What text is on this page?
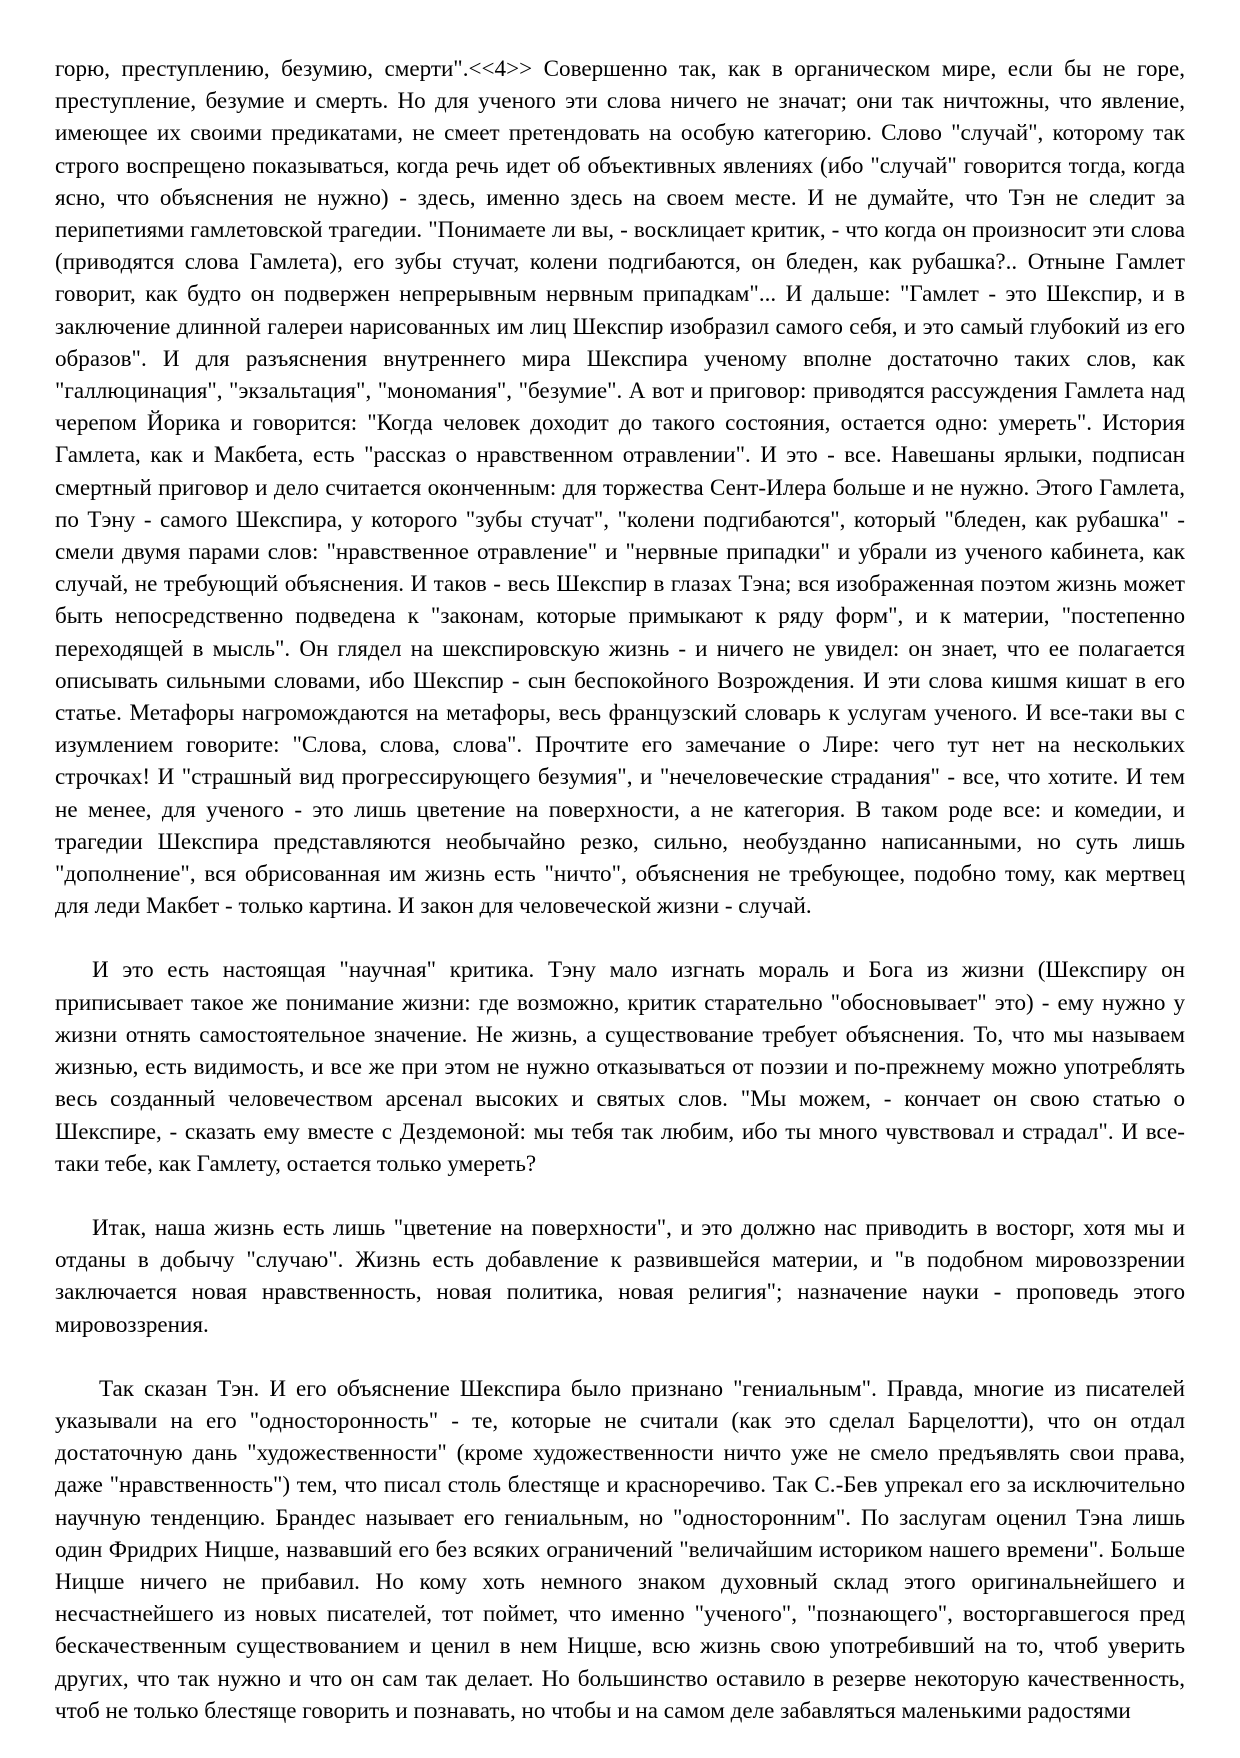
горю, преступлению, безумию, смерти".<<4>> Совершенно так, как в органическом мире, если бы не горе, преступление, безумие и смерть. Но для ученого эти слова ничего не значат; они так ничтожны, что явление, имеющее их своими предикатами, не смеет претендовать на особую категорию. Слово "случай", которому так строго воспрещено показываться, когда речь идет об объективных явлениях (ибо "случай" говорится тогда, когда ясно, что объяснения не нужно) - здесь, именно здесь на своем месте. И не думайте, что Тэн не следит за перипетиями гамлетовской трагедии. "Понимаете ли вы, - восклицает критик, - что когда он произносит эти слова (приводятся слова Гамлета), его зубы стучат, колени подгибаются, он бледен, как рубашка?.. Отныне Гамлет говорит, как будто он подвержен непрерывным нервным припадкам"... И дальше: "Гамлет - это Шекспир, и в заключение длинной галереи нарисованных им лиц Шекспир изобразил самого себя, и это самый глубокий из его образов". И для разъяснения внутреннего мира Шекспира ученому вполне достаточно таких слов, как "галлюцинация", "экзальтация", "мономания", "безумие". А вот и приговор: приводятся рассуждения Гамлета над черепом Йорика и говорится: "Когда человек доходит до такого состояния, остается одно: умереть". История Гамлета, как и Макбета, есть "рассказ о нравственном отравлении". И это - все. Навешаны ярлыки, подписан смертный приговор и дело считается оконченным: для торжества Сент-Илера больше и не нужно. Этого Гамлета, по Тэну - самого Шекспира, у которого "зубы стучат", "колени подгибаются", который "бледен, как рубашка" - смели двумя парами слов: "нравственное отравление" и "нервные припадки" и убрали из ученого кабинета, как случай, не требующий объяснения. И таков - весь Шекспир в глазах Тэна; вся изображенная поэтом жизнь может быть непосредственно подведена к "законам, которые примыкают к ряду форм", и к материи, "постепенно переходящей в мысль". Он глядел на шекспировскую жизнь - и ничего не увидел: он знает, что ее полагается описывать сильными словами, ибо Шекспир - сын беспокойного Возрождения. И эти слова кишмя кишат в его статье. Метафоры нагромождаются на метафоры, весь французский словарь к услугам ученого. И все-таки вы с изумлением говорите: "Слова, слова, слова". Прочтите его замечание о Лире: чего тут нет на нескольких строчках! И "страшный вид прогрессирующего безумия", и "нечеловеческие страдания" - все, что хотите. И тем не менее, для ученого - это лишь цветение на поверхности, а не категория. В таком роде все: и комедии, и трагедии Шекспира представляются необычайно резко, сильно, необузданно написанными, но суть лишь "дополнение", вся обрисованная им жизнь есть "ничто", объяснения не требующее, подобно тому, как мертвец для леди Макбет - только картина. И закон для человеческой жизни - случай.

И это есть настоящая "научная" критика. Тэну мало изгнать мораль и Бога из жизни (Шекспиру он приписывает такое же понимание жизни: где возможно, критик старательно "обосновывает" это) - ему нужно у жизни отнять самостоятельное значение. Не жизнь, а существование требует объяснения. То, что мы называем жизнью, есть видимость, и все же при этом не нужно отказываться от поэзии и по-прежнему можно употреблять весь созданный человечеством арсенал высоких и святых слов. "Мы можем, - кончает он свою статью о Шекспире, - сказать ему вместе с Дездемоной: мы тебя так любим, ибо ты много чувствовал и страдал". И все-таки тебе, как Гамлету, остается только умереть?

Итак, наша жизнь есть лишь "цветение на поверхности", и это должно нас приводить в восторг, хотя мы и отданы в добычу "случаю". Жизнь есть добавление к развившейся материи, и "в подобном мировоззрении заключается новая нравственность, новая политика, новая религия"; назначение науки - проповедь этого мировоззрения.

Так сказан Тэн. И его объяснение Шекспира было признано "гениальным". Правда, многие из писателей указывали на его "односторонность" - те, которые не считали (как это сделал Барцелотти), что он отдал достаточную дань "художественности" (кроме художественности ничто уже не смело предъявлять свои права, даже "нравственность") тем, что писал столь блестяще и красноречиво. Так С.-Бев упрекал его за исключительно научную тенденцию. Брандес называет его гениальным, но "односторонним". По заслугам оценил Тэна лишь один Фридрих Ницше, назвавший его без всяких ограничений "величайшим историком нашего времени". Больше Ницше ничего не прибавил. Но кому хоть немного знаком духовный склад этого оригинальнейшего и несчастнейшего из новых писателей, тот поймет, что именно "ученого", "познающего", восторгавшегося пред бескачественным существованием и ценил в нем Ницше, всю жизнь свою употребивший на то, чтоб уверить других, что так нужно и что он сам так делает. Но большинство оставило в резерве некоторую качественность, чтоб не только блестяще говорить и познавать, но чтобы и на самом деле забавляться маленькими радостями
